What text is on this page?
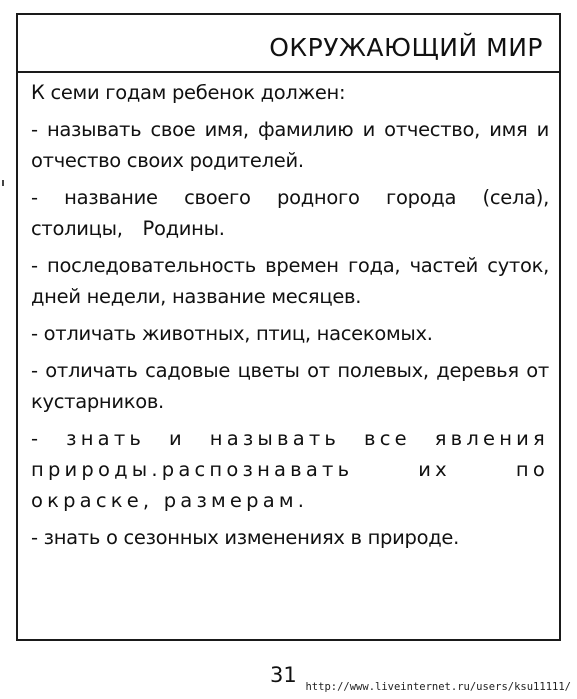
ОКРУЖАЮЩИЙ МИР
К семи годам ребенок должен:
- называть свое имя, фамилию и отчество, имя и отчество своих родителей.
- название своего родного города (села), столицы, Родины.
- последовательность времен года, частей суток, дней недели, название месяцев.
- отличать животных, птиц, насекомых.
- отличать садовые цветы от полевых, деревья от кустарников.
- знать и называть все явления природы.распознавать их по окраске, размерам.
- знать о сезонных изменениях в природе.
31 http://www.liveinternet.ru/users/ksu11111/
